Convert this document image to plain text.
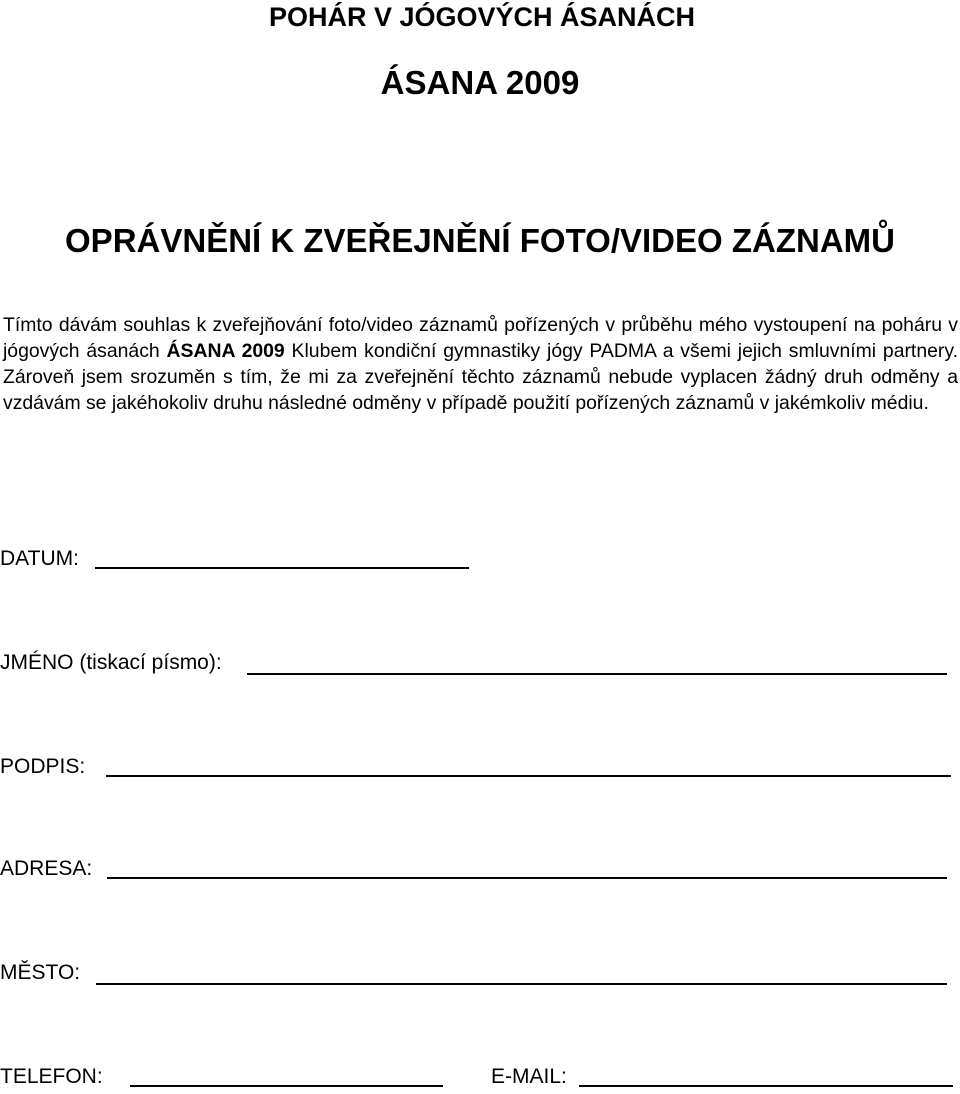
POHÁR V JÓGOVÝCH ÁSANÁCH
ÁSANA 2009
OPRÁVNĚNÍ K ZVEŘEJNĚNÍ FOTO/VIDEO ZÁZNAMŮ

Tímto dávám souhlas k zveřejňování foto/video záznamů pořízených v průběhu mého vystoupení na poháru v jógových ásanách ÁSANA 2009 Klubem kondiční gymnastiky jógy PADMA a všemi jejich smluvními partnery. Zároveň jsem srozuměn s tím, že mi za zveřejnění těchto záznamů nebude vyplacen žádný druh odměny a vzdávám se jakéhokoliv druhu následné odměny v případě použití pořízených záznamů v jakémkoliv médiu.

DATUM:
JMÉNO (tiskací písmo):
PODPIS:
ADRESA:
MĚSTO:
TELEFON:	E-MAIL:
